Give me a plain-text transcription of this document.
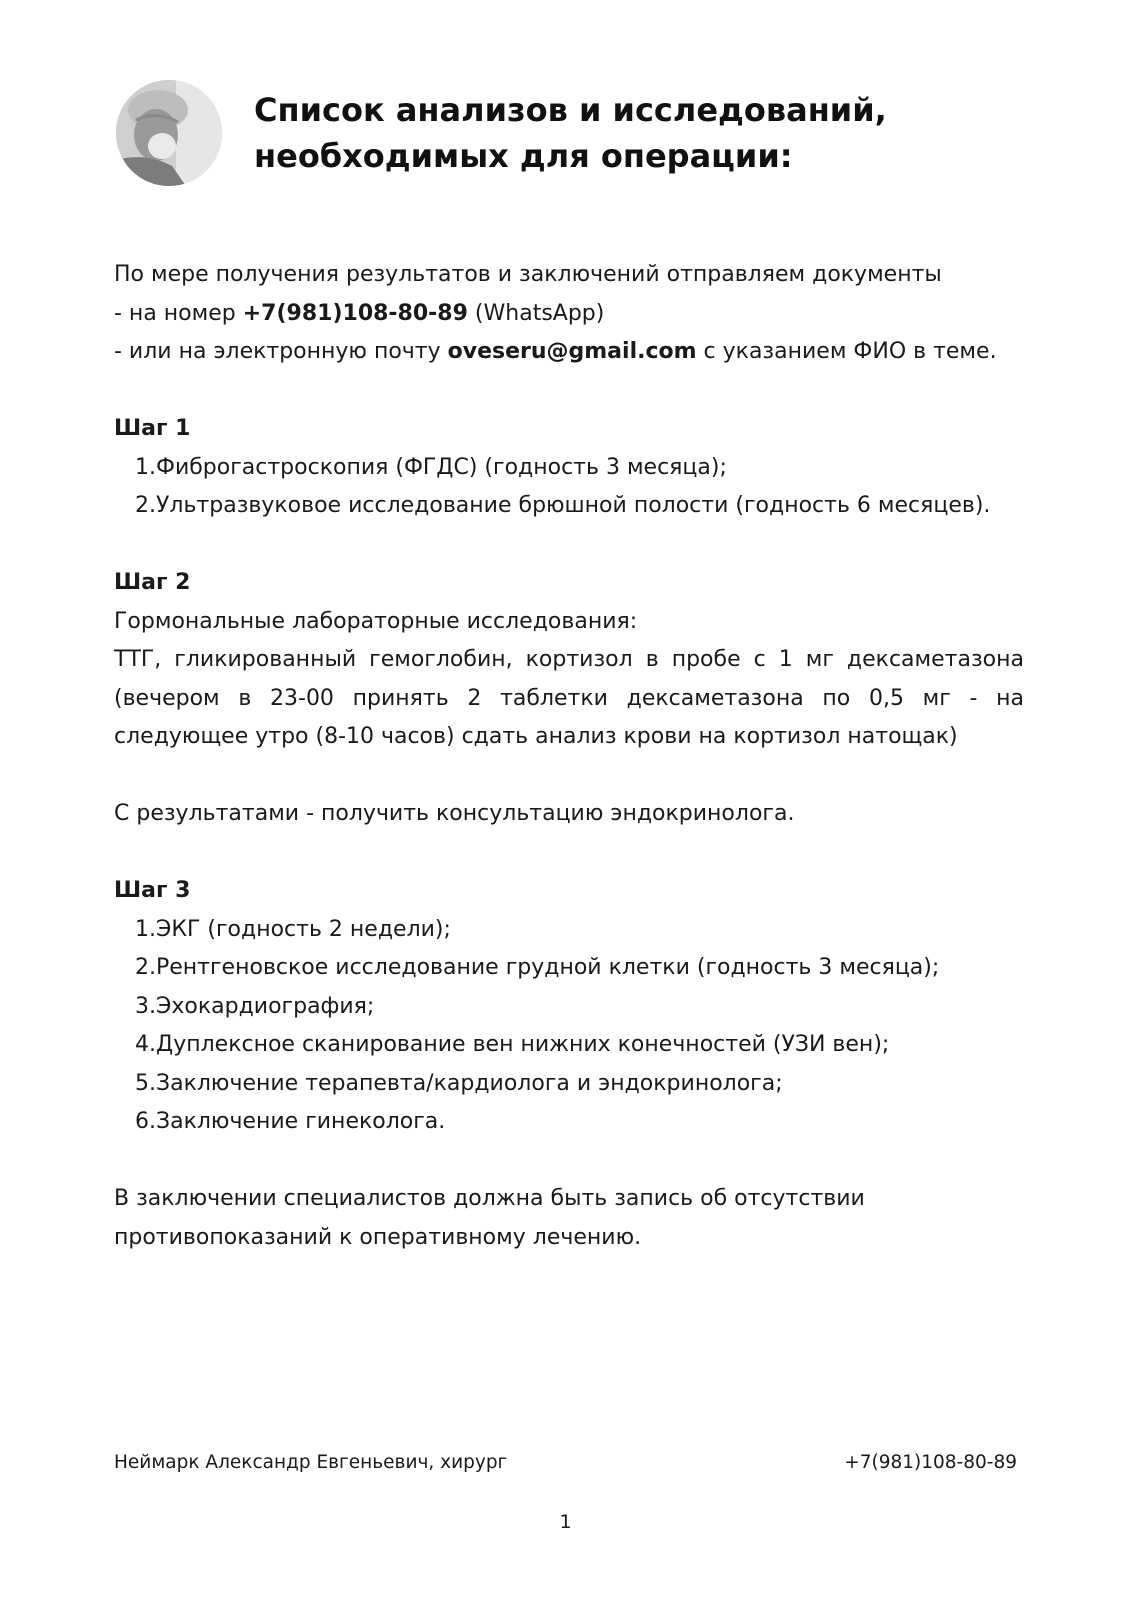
Список анализов и исследований,
необходимых для операции:
По мере получения результатов и заключений отправляем документы
- на номер +7(981)108-80-89 (WhatsApp)
- или на электронную почту oveseru@gmail.com с указанием ФИО в теме.
Шаг 1
1. Фиброгастроскопия (ФГДС) (годность 3 месяца);
2. Ультразвуковое исследование брюшной полости (годность 6 месяцев).
Шаг 2
Гормональные лабораторные исследования:
ТТГ, гликированный гемоглобин, кортизол в пробе с 1 мг дексаметазона
(вечером в 23-00 принять 2 таблетки дексаметазона по 0,5 мг - на
следующее утро (8-10 часов) сдать анализ крови на кортизол натощак)
С результатами - получить консультацию эндокринолога.
Шаг 3
1. ЭКГ (годность 2 недели);
2. Рентгеновское исследование грудной клетки (годность 3 месяца);
3. Эхокардиография;
4. Дуплексное сканирование вен нижних конечностей (УЗИ вен);
5. Заключение терапевта/кардиолога и эндокринолога;
6. Заключение гинеколога.
В заключении специалистов должна быть запись об отсутствии
противопоказаний к оперативному лечению.
Неймарк Александр Евгеньевич, хирург	+7(981)108-80-89
1
